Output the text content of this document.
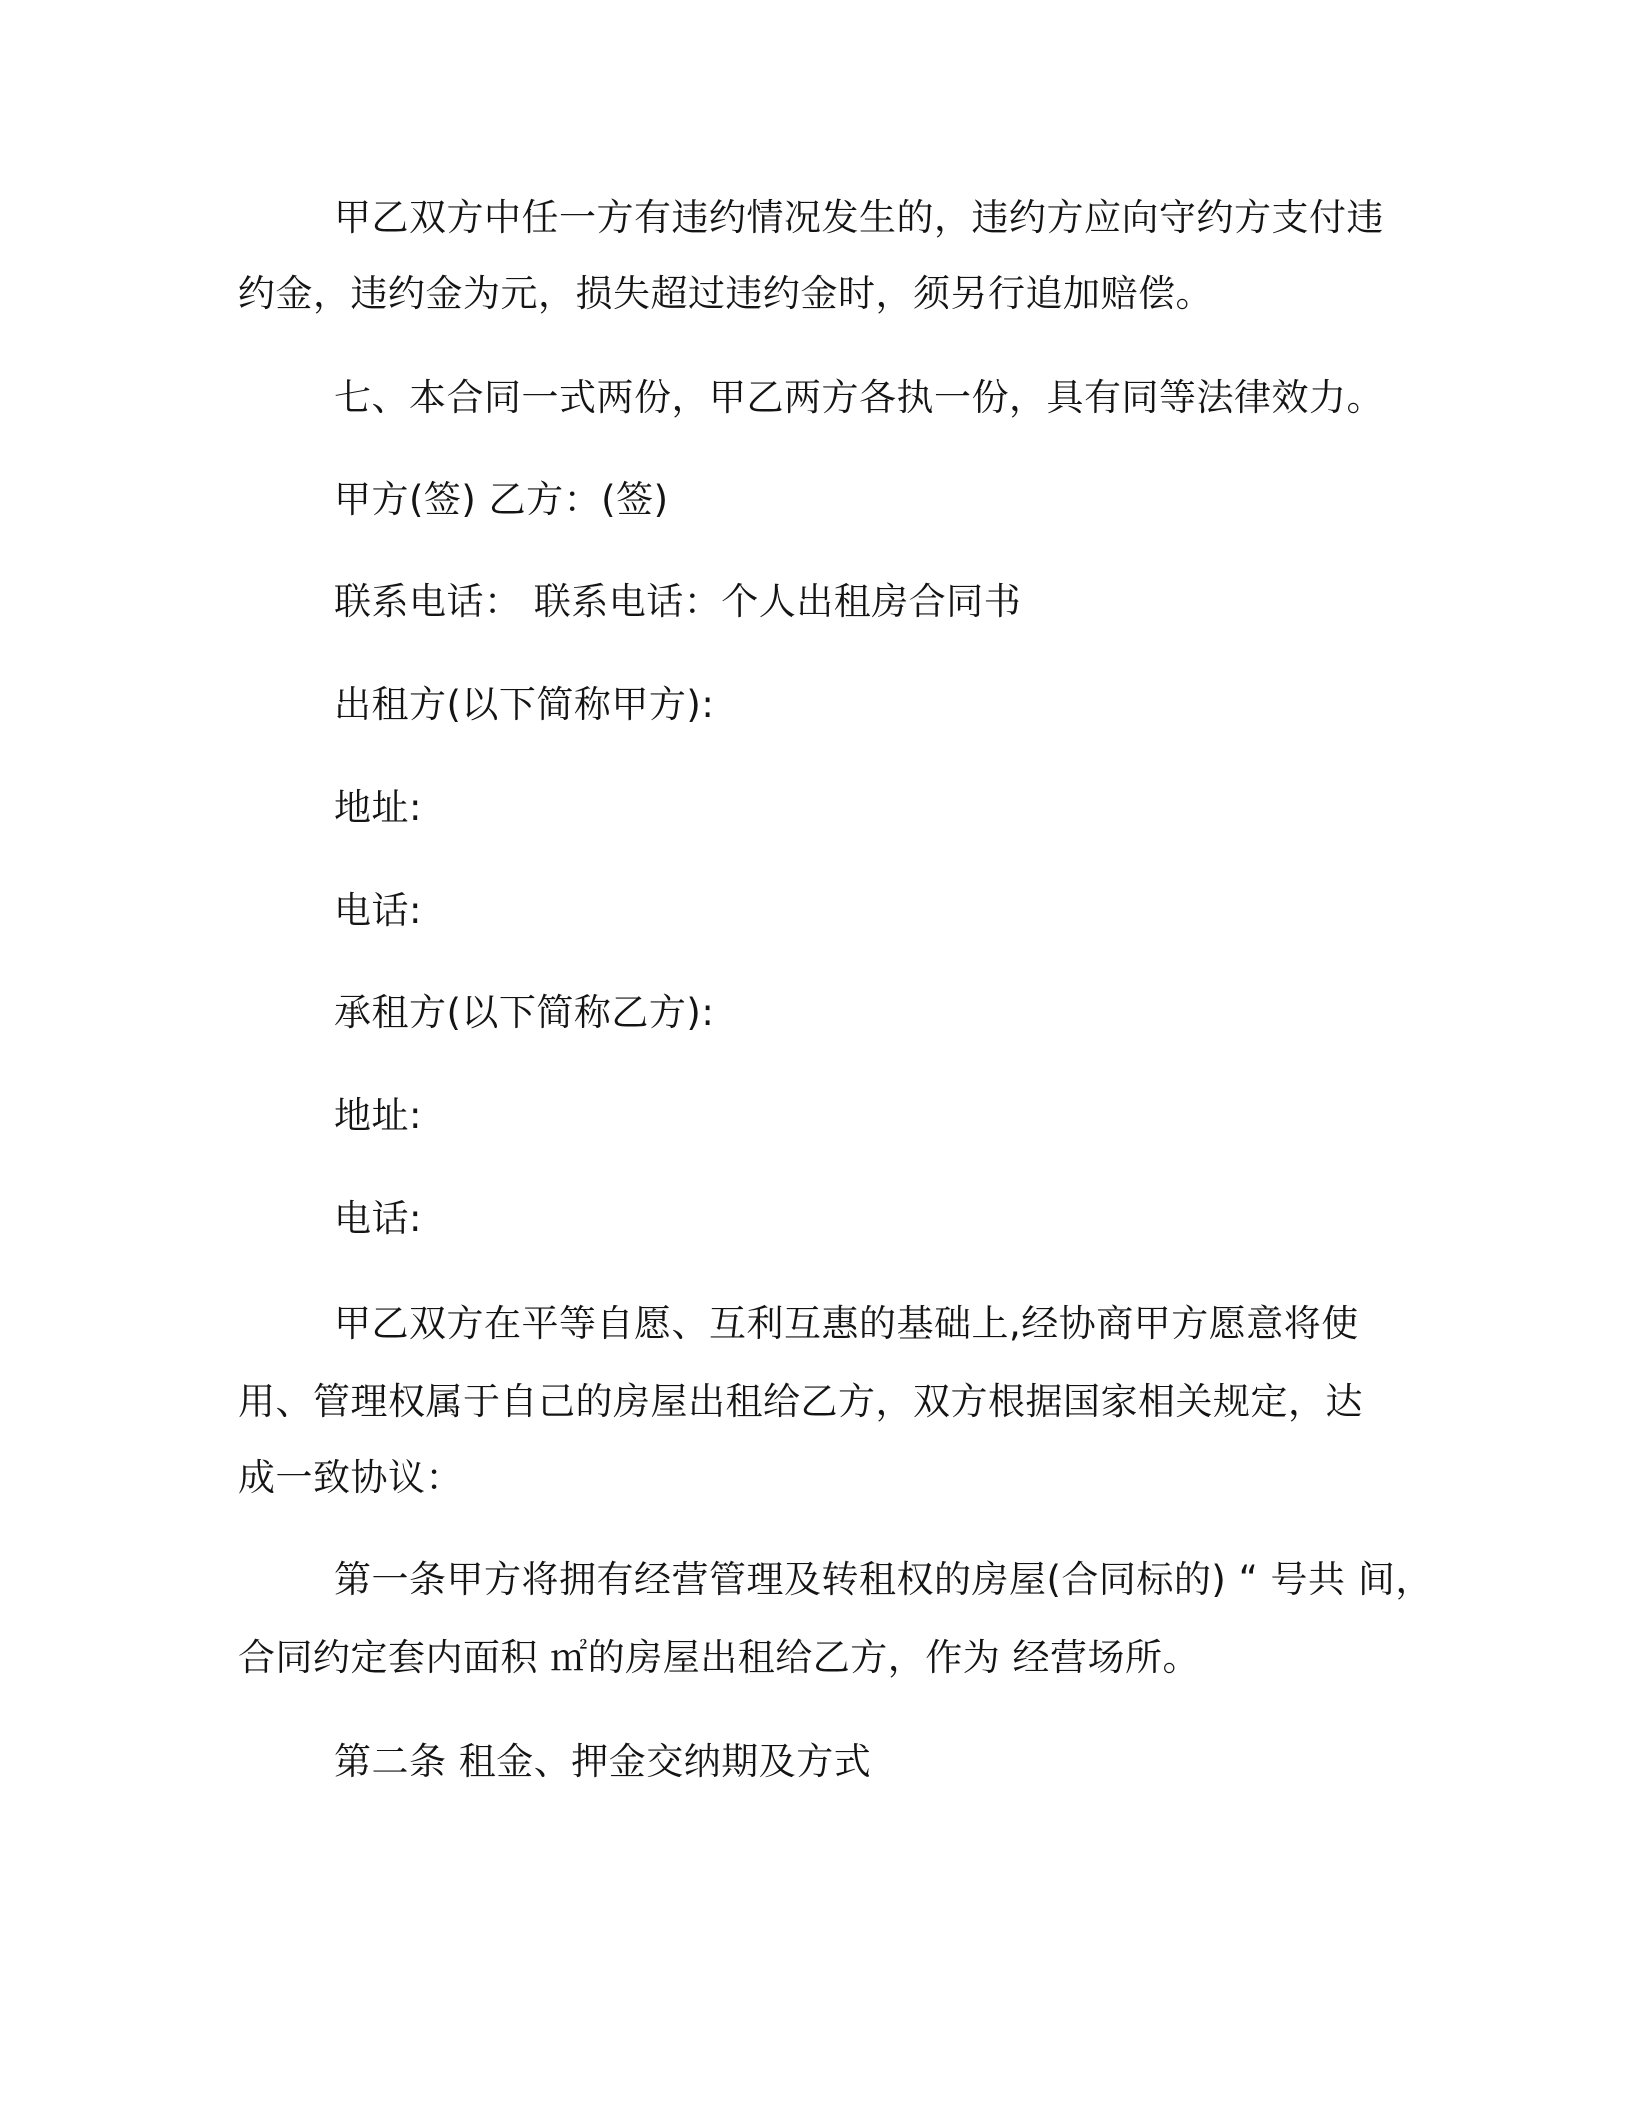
甲乙双方中任一方有违约情况发生的，违约方应向守约方支付违
约金，违约金为元，损失超过违约金时，须另行追加赔偿。
七、本合同一式两份，甲乙两方各执一份，具有同等法律效力。
甲方(签) 乙方：(签)
联系电话： 联系电话：个人出租房合同书
出租方(以下简称甲方):
地址:
电话:
承租方(以下简称乙方):
地址:
电话:
甲乙双方在平等自愿、互利互惠的基础上,经协商甲方愿意将使
用、管理权属于自己的房屋出租给乙方，双方根据国家相关规定，达
成一致协议：
第一条甲方将拥有经营管理及转租权的房屋(合同标的) “ 号共 间，
合同约定套内面积 ㎡的房屋出租给乙方，作为 经营场所。
第二条 租金、押金交纳期及方式
